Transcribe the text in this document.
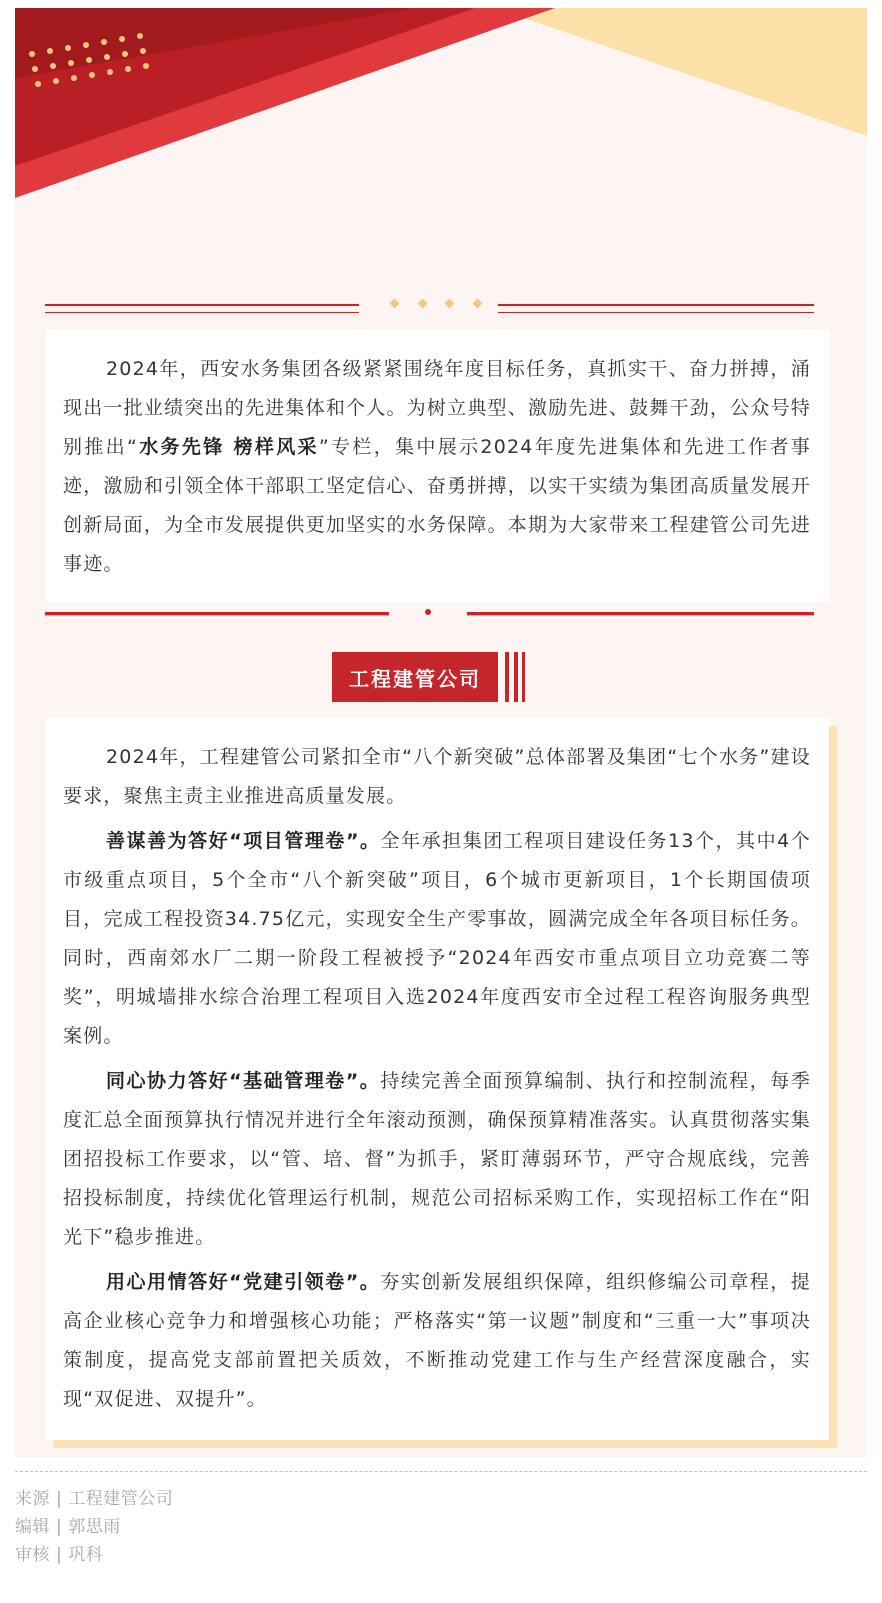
2024年，西安水务集团各级紧紧围绕年度目标任务，真抓实干、奋力拼搏，涌现出一批业绩突出的先进集体和个人。为树立典型、激励先进、鼓舞干劲，公众号特别推出“水务先锋 榜样风采”专栏，集中展示2024年度先进集体和先进工作者事迹，激励和引领全体干部职工坚定信心、奋勇拼搏，以实干实绩为集团高质量发展开创新局面，为全市发展提供更加坚实的水务保障。本期为大家带来工程建管公司先进事迹。

工程建管公司

2024年，工程建管公司紧扣全市“八个新突破”总体部署及集团“七个水务”建设要求，聚焦主责主业推进高质量发展。

善谋善为答好“项目管理卷”。全年承担集团工程项目建设任务13个，其中4个市级重点项目，5个全市“八个新突破”项目，6个城市更新项目，1个长期国债项目，完成工程投资34.75亿元，实现安全生产零事故，圆满完成全年各项目标任务。同时，西南郊水厂二期一阶段工程被授予“2024年西安市重点项目立功竞赛二等奖”，明城墙排水综合治理工程项目入选2024年度西安市全过程工程咨询服务典型案例。

同心协力答好“基础管理卷”。持续完善全面预算编制、执行和控制流程，每季度汇总全面预算执行情况并进行全年滚动预测，确保预算精准落实。认真贯彻落实集团招投标工作要求，以“管、培、督”为抓手，紧盯薄弱环节，严守合规底线，完善招投标制度，持续优化管理运行机制，规范公司招标采购工作，实现招标工作在“阳光下”稳步推进。

用心用情答好“党建引领卷”。夯实创新发展组织保障，组织修编公司章程，提高企业核心竞争力和增强核心功能；严格落实“第一议题”制度和“三重一大”事项决策制度，提高党支部前置把关质效，不断推动党建工作与生产经营深度融合，实现“双促进、双提升”。

来源 | 工程建管公司
编辑 | 郭思雨
审核 | 巩科
